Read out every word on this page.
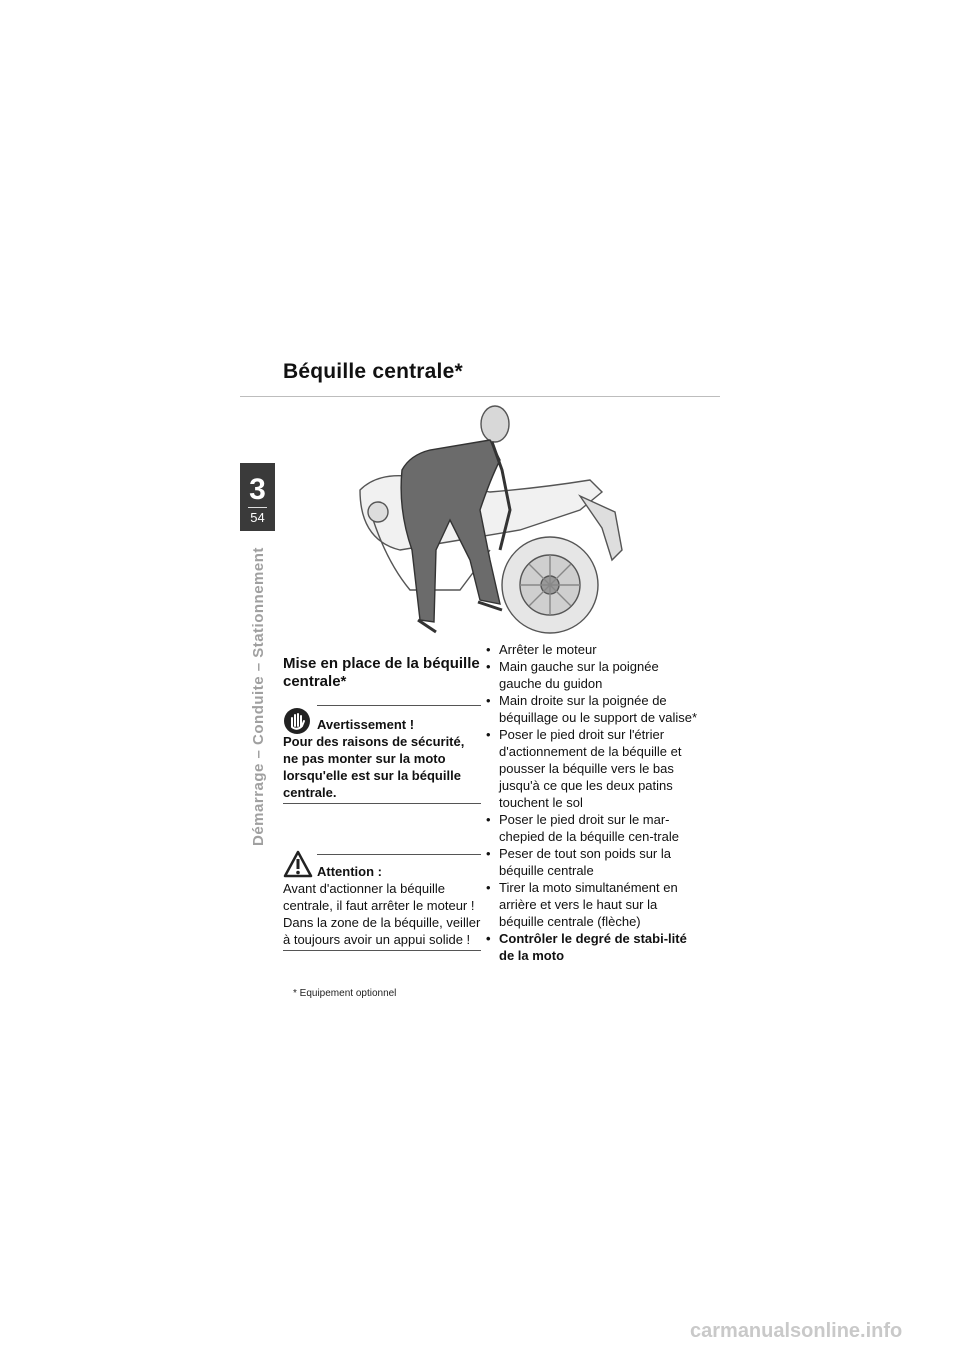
Béquille centrale*
3
54
Démarrage – Conduite – Stationnement Mise en place de la béquille centrale*
Avertissement !
Pour des raisons de sécurité, ne pas monter sur la moto lorsqu'elle est sur la béquille centrale.
Attention :
Avant d'actionner la béquille centrale, il faut arrêter le moteur !
Dans la zone de la béquille, veiller à toujours avoir un appui solide !
* Equipement optionnel
• Arrêter le moteur
• Main gauche sur la poignée gauche du guidon
• Main droite sur la poignée de béquillage ou le support de valise*
• Poser le pied droit sur l'étrier d'actionnement de la béquille et pousser la béquille vers le bas jusqu'à ce que les deux patins touchent le sol
• Poser le pied droit sur le mar-chepied de la béquille cen-trale
• Peser de tout son poids sur la béquille centrale
• Tirer la moto simultanément en arrière et vers le haut sur la béquille centrale (flèche)
• Contrôler le degré de stabi-lité de la moto
carmanualsonline.info
